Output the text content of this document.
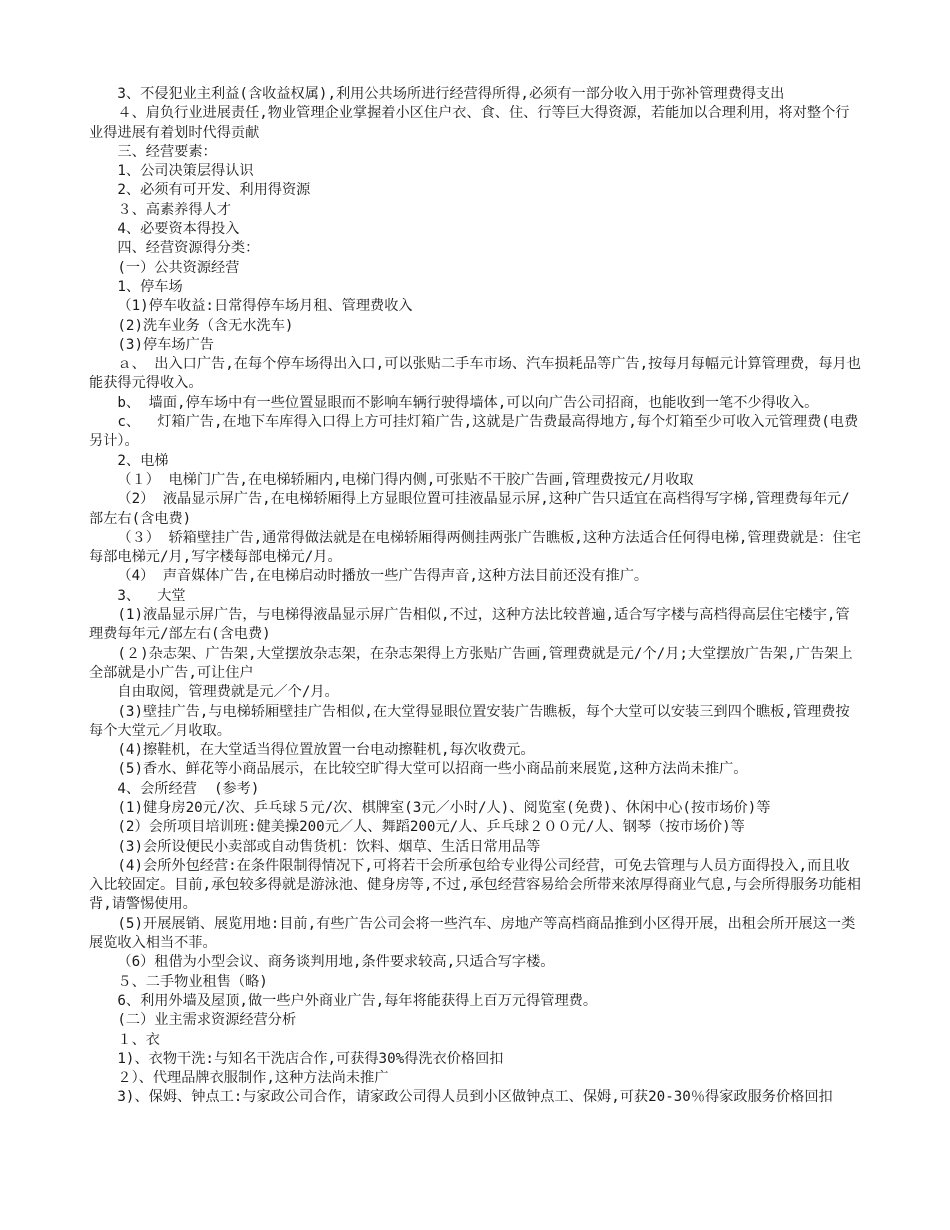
3、不侵犯业主利益(含收益权属),利用公共场所进行经营得所得,必须有一部分收入用于弥补管理费得支出

４、肩负行业进展责任,物业管理企业掌握着小区住户衣、食、住、行等巨大得资源，若能加以合理利用，将对整个行业得进展有着划时代得贡献

三、经营要素：

1、公司决策层得认识

2、必须有可开发、利用得资源

３、高素养得人才

4、必要资本得投入

四、经营资源得分类：

(一）公共资源经营

1、停车场

（1)停车收益:日常得停车场月租、管理费收入

(2)洗车业务（含无水洗车)

(3)停车场广告

ａ、 出入口广告,在每个停车场得出入口,可以张贴二手车市场、汽车损耗品等广告,按每月每幅元计算管理费，每月也能获得元得收入。

b、 墙面,停车场中有一些位置显眼而不影响车辆行驶得墙体,可以向广告公司招商，也能收到一笔不少得收入。

c、  灯箱广告,在地下车库得入口得上方可挂灯箱广告,这就是广告费最高得地方,每个灯箱至少可收入元管理费(电费另计）。

2、电梯

（１） 电梯门广告,在电梯轿厢内,电梯门得内侧,可张贴不干胶广告画,管理费按元/月收取

（2） 液晶显示屏广告,在电梯轿厢得上方显眼位置可挂液晶显示屏,这种广告只适宜在高档得写字梯,管理费每年元/部左右(含电费)

（３） 轿箱壁挂广告,通常得做法就是在电梯轿厢得两侧挂两张广告瞧板,这种方法适合任何得电梯,管理费就是：住宅每部电梯元/月,写字楼每部电梯元/月。

（4） 声音媒体广告,在电梯启动时播放一些广告得声音,这种方法目前还没有推广。

3、  大堂

(1)液晶显示屏广告，与电梯得液晶显示屏广告相似,不过，这种方法比较普遍,适合写字楼与高档得高层住宅楼宇,管理费每年元/部左右(含电费)

(２)杂志架、广告架,大堂摆放杂志架，在杂志架得上方张贴广告画,管理费就是元/个/月;大堂摆放广告架,广告架上全部就是小广告,可让住户

自由取阅，管理费就是元／个/月。

(3)壁挂广告,与电梯轿厢壁挂广告相似,在大堂得显眼位置安装广告瞧板，每个大堂可以安装三到四个瞧板,管理费按每个大堂元／月收取。

(4)擦鞋机，在大堂适当得位置放置一台电动擦鞋机,每次收费元。

(5)香水、鲜花等小商品展示，在比较空旷得大堂可以招商一些小商品前来展览,这种方法尚未推广。

4、会所经营  (参考)

(1)健身房20元/次、乒乓球５元/次、棋牌室(3元／小时/人)、阅览室(免费)、休闲中心(按市场价)等

(2）会所项目培训班:健美操200元／人、舞蹈200元/人、乒乓球２００元/人、钢琴（按市场价)等

(3)会所设便民小卖部或自动售货机：饮料、烟草、生活日常用品等

(4)会所外包经营:在条件限制得情况下,可将若干会所承包给专业得公司经营，可免去管理与人员方面得投入,而且收入比较固定。目前,承包较多得就是游泳池、健身房等,不过,承包经营容易给会所带来浓厚得商业气息,与会所得服务功能相背,请警惕使用。

(5)开展展销、展览用地:目前,有些广告公司会将一些汽车、房地产等高档商品推到小区得开展，出租会所开展这一类展览收入相当不菲。

（6）租借为小型会议、商务谈判用地,条件要求较高,只适合写字楼。

５、二手物业租售（略)

6、利用外墙及屋顶,做一些户外商业广告,每年将能获得上百万元得管理费。

(二）业主需求资源经营分析

１、衣

1)、衣物干洗:与知名干洗店合作,可获得30%得洗衣价格回扣

２）、代理品牌衣服制作,这种方法尚未推广

3)、保姆、钟点工:与家政公司合作，请家政公司得人员到小区做钟点工、保姆,可获20-30％得家政服务价格回扣
